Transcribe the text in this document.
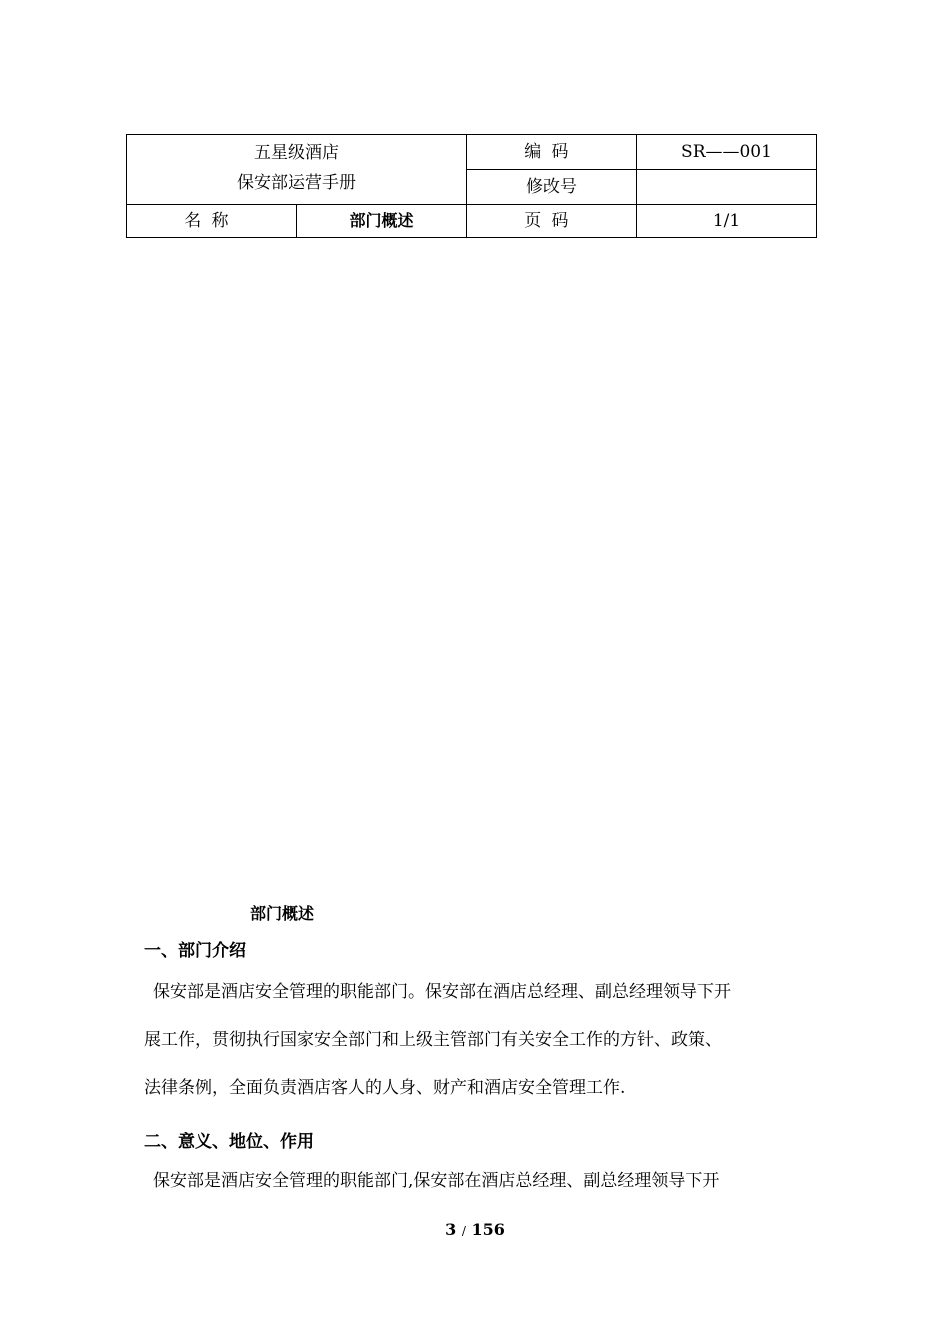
五星级酒店
保安部运营手册		编码	SR——001
		修改号	
名称	部门概述	页码	1/1
部门概述
一、部门介绍
保安部是酒店安全管理的职能部门。保安部在酒店总经理、副总经理领导下开
展工作，贯彻执行国家安全部门和上级主管部门有关安全工作的方针、政策、
法律条例，全面负责酒店客人的人身、财产和酒店安全管理工作.
二、意义、地位、作用
保安部是酒店安全管理的职能部门,保安部在酒店总经理、副总经理领导下开
3 / 156
